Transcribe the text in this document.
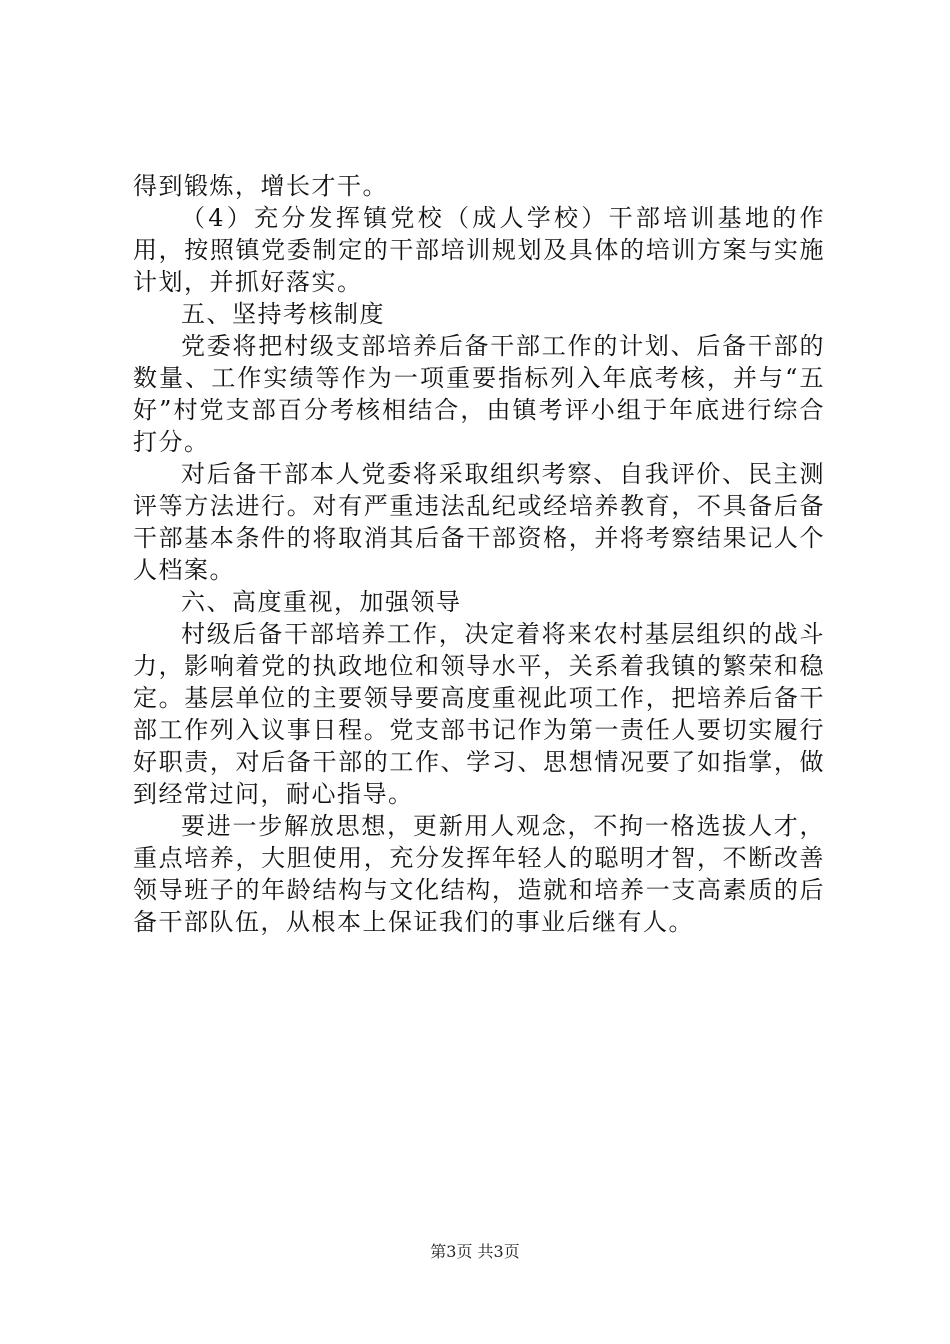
得到锻炼，增长才干。

（4）充分发挥镇党校（成人学校）干部培训基地的作用，按照镇党委制定的干部培训规划及具体的培训方案与实施计划，并抓好落实。

五、坚持考核制度

党委将把村级支部培养后备干部工作的计划、后备干部的数量、工作实绩等作为一项重要指标列入年底考核，并与“五好”村党支部百分考核相结合，由镇考评小组于年底进行综合打分。

对后备干部本人党委将采取组织考察、自我评价、民主测评等方法进行。对有严重违法乱纪或经培养教育，不具备后备干部基本条件的将取消其后备干部资格，并将考察结果记人个人档案。

六、高度重视，加强领导

村级后备干部培养工作，决定着将来农村基层组织的战斗力，影响着党的执政地位和领导水平，关系着我镇的繁荣和稳定。基层单位的主要领导要高度重视此项工作，把培养后备干部工作列入议事日程。党支部书记作为第一责任人要切实履行好职责，对后备干部的工作、学习、思想情况要了如指掌，做到经常过问，耐心指导。

要进一步解放思想，更新用人观念，不拘一格选拔人才，重点培养，大胆使用，充分发挥年轻人的聪明才智，不断改善领导班子的年龄结构与文化结构，造就和培养一支高素质的后备干部队伍，从根本上保证我们的事业后继有人。

第3页 共3页
